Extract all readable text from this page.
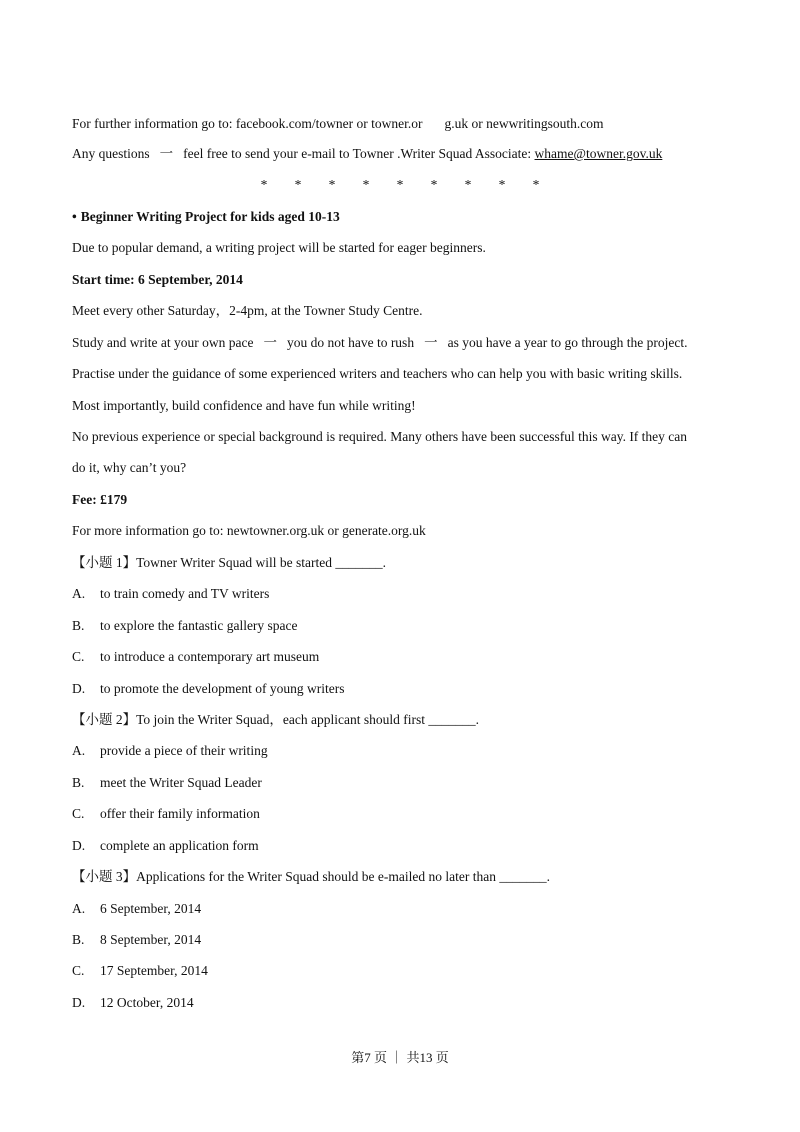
For further information go to: facebook.com/towner or towner.or g.uk or newwritingsouth.com
Any questions 一 feel free to send your e-mail to Towner .Writer Squad Associate: whame@towner.gov.uk
* * * * * * * * *
• Beginner Writing Project for kids aged 10-13
Due to popular demand, a writing project will be started for eager beginners.
Start time: 6 September, 2014
Meet every other Saturday，2-4pm, at the Towner Study Centre.
Study and write at your own pace 一 you do not have to rush 一 as you have a year to go through the project.
Practise under the guidance of some experienced writers and teachers who can help you with basic writing skills.
Most importantly, build confidence and have fun while writing!
No previous experience or special background is required. Many others have been successful this way. If they can
do it, why can’t you?
Fee: £179
For more information go to: newtowner.org.uk or generate.org.uk
【小题 1】Towner Writer Squad will be started _______.
A. to train comedy and TV writers
B. to explore the fantastic gallery space
C. to introduce a contemporary art museum
D. to promote the development of young writers
【小题 2】To join the Writer Squad，each applicant should first _______.
A. provide a piece of their writing
B. meet the Writer Squad Leader
C. offer their family information
D. complete an application form
【小题 3】Applications for the Writer Squad should be e-mailed no later than _______.
A. 6 September, 2014
B. 8 September, 2014
C. 17 September, 2014
D. 12 October, 2014
第7 页 ｜ 共13 页
